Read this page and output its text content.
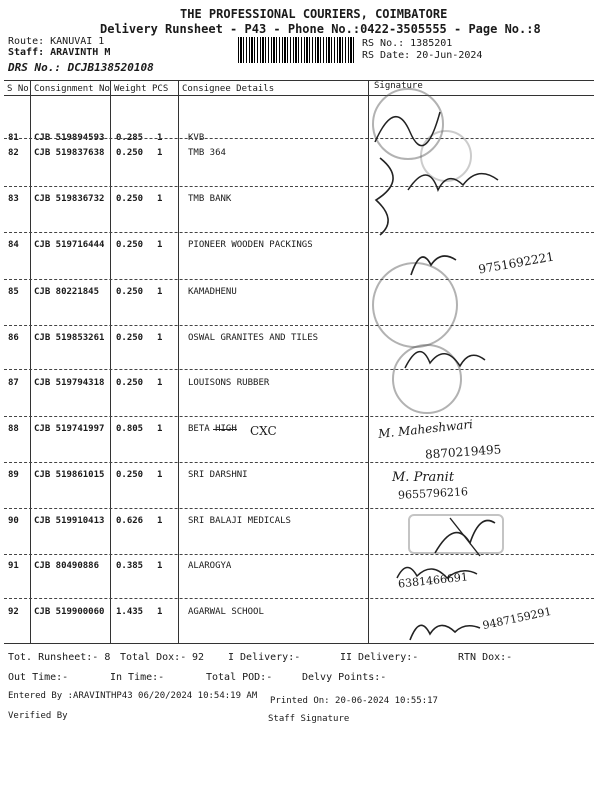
THE PROFESSIONAL COURIERS, COIMBATORE
Delivery Runsheet - P43 - Phone No.:0422-3505555 - Page No.:8
Route: KANUVAI 1
Staff: ARAVINTH M
DRS No.: DCJB138520108
RS No.: 1385201
RS Date: 20-Jun-2024
S No Consignment No Weight PCS Consignee Details	Signature
81 CJB 519894593 0.285 1	KVB
82 CJB 519837638 0.250 1	TMB 364
83 CJB 519836732 0.250 1	TMB BANK
84 CJB 519716444 0.250 1	PIONEER WOODEN PACKINGS
85 CJB 80221845 0.250 1	KAMADHENU
86 CJB 519853261 0.250 1	OSWAL GRANITES AND TILES
87 CJB 519794318 0.250 1	LOUISONS RUBBER
88 CJB 519741997 0.805 1	BETA HIGH
89 CJB 519861015 0.250 1	SRI DARSHNI
90 CJB 519910413 0.626 1	SRI BALAJI MEDICALS
91 CJB 80490886 0.385 1	ALAROGYA
92 CJB 519900060 1.435 1	AGARWAL SCHOOL
9751692221
CXC	M. Maheshwari
8870219495
M. Pranit
9655796216
6381466691
9487159291
Tot. Runsheet:- 8 Total Dox:- 92 I Delivery:-	II Delivery:-	RTN Dox:-
Out Time:-	In Time:-	Total POD:-	Delvy Points:-
Entered By :ARAVINTHP43 06/20/2024 10:54:19 AM Printed On: 20-06-2024 10:55:17
Verified By	Staff Signature
